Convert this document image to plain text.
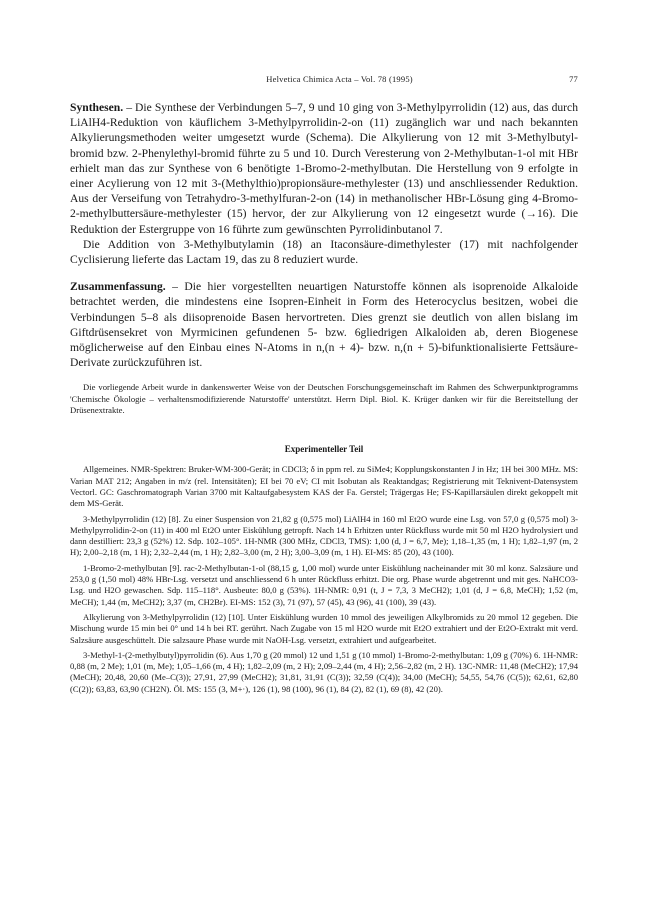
Helvetica Chimica Acta – Vol. 78 (1995)	77

Synthesen. – Die Synthese der Verbindungen 5–7, 9 und 10 ging von 3-Methylpyrrolidin (12) aus, das durch LiAlH4-Reduktion von käuflichem 3-Methylpyrrolidin-2-on (11) zugänglich war und nach bekannten Alkylierungsmethoden weiter umgesetzt wurde (Schema). Die Alkylierung von 12 mit 3-Methylbutyl-bromid bzw. 2-Phenylethyl-bromid führte zu 5 und 10. Durch Veresterung von 2-Methylbutan-1-ol mit HBr erhielt man das zur Synthese von 6 benötigte 1-Bromo-2-methylbutan. Die Herstellung von 9 erfolgte in einer Acylierung von 12 mit 3-(Methylthio)propionsäure-methylester (13) und anschliessender Reduktion. Aus der Verseifung von Tetrahydro-3-methylfuran-2-on (14) in methanolischer HBr-Lösung ging 4-Bromo-2-methylbuttersäure-methylester (15) hervor, der zur Alkylierung von 12 eingesetzt wurde (→16). Die Reduktion der Estergruppe von 16 führte zum gewünschten Pyrrolidinbutanol 7.

Die Addition von 3-Methylbutylamin (18) an Itaconsäure-dimethylester (17) mit nachfolgender Cyclisierung lieferte das Lactam 19, das zu 8 reduziert wurde.

Zusammenfassung. – Die hier vorgestellten neuartigen Naturstoffe können als isoprenoide Alkaloide betrachtet werden, die mindestens eine Isopren-Einheit in Form des Heterocyclus besitzen, wobei die Verbindungen 5–8 als diisoprenoide Basen hervortreten. Dies grenzt sie deutlich von allen bislang im Giftdrüsensekret von Myrmicinen gefundenen 5- bzw. 6gliedrigen Alkaloiden ab, deren Biogenese möglicherweise auf den Einbau eines N-Atoms in n,(n + 4)- bzw. n,(n + 5)-bifunktionalisierte Fettsäure-Derivate zurückzuführen ist.

Die vorliegende Arbeit wurde in dankenswerter Weise von der Deutschen Forschungsgemeinschaft im Rahmen des Schwerpunktprogramms 'Chemische Ökologie – verhaltensmodifizierende Naturstoffe' unterstützt. Herrn Dipl. Biol. K. Krüger danken wir für die Bereitstellung der Drüsenextrakte.
Experimenteller Teil

Allgemeines. NMR-Spektren: Bruker-WM-300-Gerät; in CDCl3; δ in ppm rel. zu SiMe4; Kopplungskonstanten J in Hz; 1H bei 300 MHz. MS: Varian MAT 212; Angaben in m/z (rel. Intensitäten); EI bei 70 eV; CI mit Isobutan als Reaktandgas; Registrierung mit Teknivent-Datensystem Vectorl. GC: Gaschromatograph Varian 3700 mit Kaltaufgabesystem KAS der Fa. Gerstel; Trägergas He; FS-Kapillarsäulen direkt gekoppelt mit dem MS-Gerät.

3-Methylpyrrolidin (12) [8]. Zu einer Suspension von 21,82 g (0,575 mol) LiAlH4 in 160 ml Et2O wurde eine Lsg. von 57,0 g (0,575 mol) 3-Methylpyrrolidin-2-on (11) in 400 ml Et2O unter Eiskühlung getropft. Nach 14 h Erhitzen unter Rückfluss wurde mit 50 ml H2O hydrolysiert und dann destilliert: 23,3 g (52%) 12. Sdp. 102–105°. 1H-NMR (300 MHz, CDCl3, TMS): 1,00 (d, J = 6,7, Me); 1,18–1,35 (m, 1 H); 1,82–1,97 (m, 2 H); 2,00–2,18 (m, 1 H); 2,32–2,44 (m, 1 H); 2,82–3,00 (m, 2 H); 3,00–3,09 (m, 1 H). EI-MS: 85 (20), 43 (100).

1-Bromo-2-methylbutan [9]. rac-2-Methylbutan-1-ol (88,15 g, 1,00 mol) wurde unter Eiskühlung nacheinander mit 30 ml konz. Salzsäure und 253,0 g (1,50 mol) 48% HBr-Lsg. versetzt und anschliessend 6 h unter Rückfluss erhitzt. Die org. Phase wurde abgetrennt und mit ges. NaHCO3-Lsg. und H2O gewaschen. Sdp. 115–118°. Ausbeute: 80,0 g (53%). 1H-NMR: 0,91 (t, J = 7,3, 3 MeCH2); 1,01 (d, J = 6,8, MeCH); 1,52 (m, MeCH); 1,44 (m, MeCH2); 3,37 (m, CH2Br). EI-MS: 152 (3), 71 (97), 57 (45), 43 (96), 41 (100), 39 (43).

Alkylierung von 3-Methylpyrrolidin (12) [10]. Unter Eiskühlung wurden 10 mmol des jeweiligen Alkylbromids zu 20 mmol 12 gegeben. Die Mischung wurde 15 min bei 0° und 14 h bei RT. gerührt. Nach Zugabe von 15 ml H2O wurde mit Et2O extrahiert und der Et2O-Extrakt mit verd. Salzsäure ausgeschüttelt. Die salzsaure Phase wurde mit NaOH-Lsg. versetzt, extrahiert und aufgearbeitet.

3-Methyl-1-(2-methylbutyl)pyrrolidin (6). Aus 1,70 g (20 mmol) 12 und 1,51 g (10 mmol) 1-Bromo-2-methylbutan: 1,09 g (70%) 6. 1H-NMR: 0,88 (m, 2 Me); 1,01 (m, Me); 1,05–1,66 (m, 4 H); 1,82–2,09 (m, 2 H); 2,09–2,44 (m, 4 H); 2,56–2,82 (m, 2 H). 13C-NMR: 11,48 (MeCH2); 17,94 (MeCH); 20,48, 20,60 (Me–C(3)); 27,91, 27,99 (MeCH2); 31,81, 31,91 (C(3)); 32,59 (C(4)); 34,00 (MeCH); 54,55, 54,76 (C(5)); 62,61, 62,80 (C(2)); 63,83, 63,90 (CH2N). Öl. MS: 155 (3, M+·), 126 (1), 98 (100), 96 (1), 84 (2), 82 (1), 69 (8), 42 (20).
